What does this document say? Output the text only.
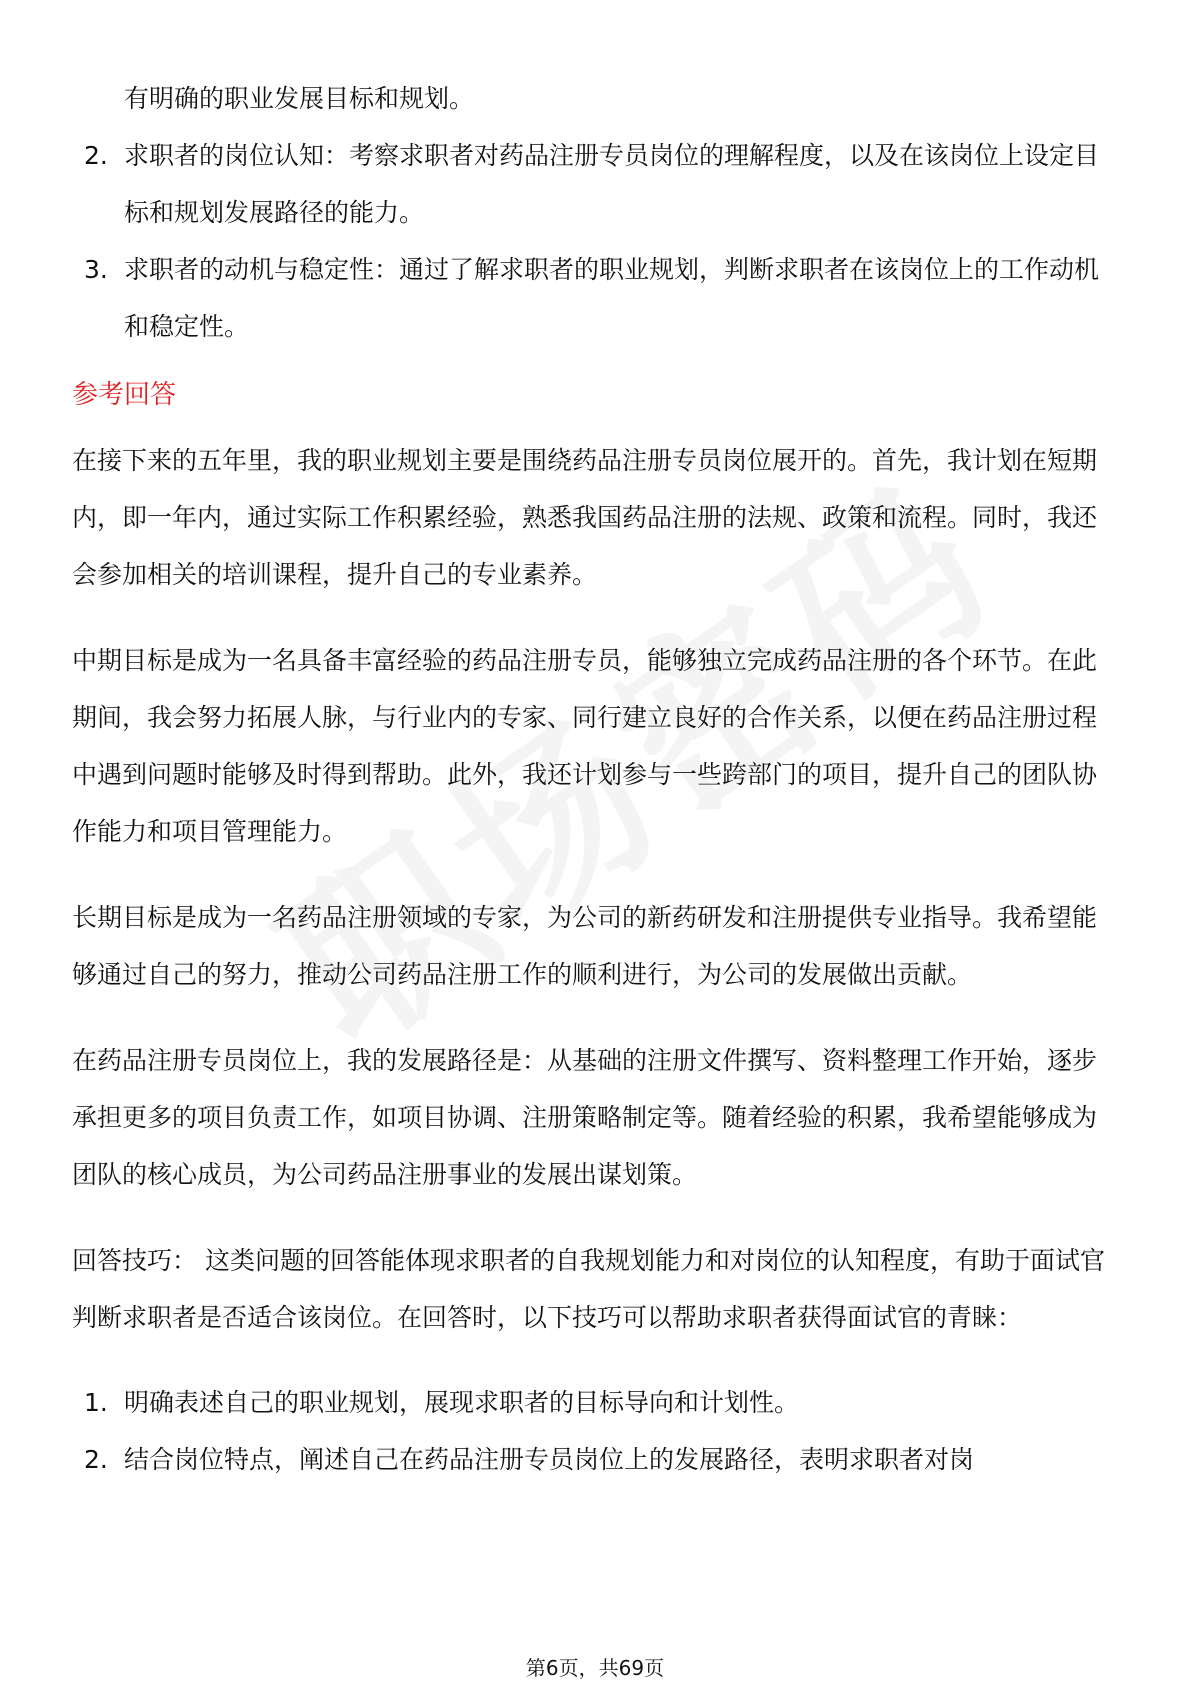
有明确的职业发展目标和规划。
2. 求职者的岗位认知：考察求职者对药品注册专员岗位的理解程度，以及在该岗位上设定目标和规划发展路径的能力。
3. 求职者的动机与稳定性：通过了解求职者的职业规划，判断求职者在该岗位上的工作动机和稳定性。
参考回答
在接下来的五年里，我的职业规划主要是围绕药品注册专员岗位展开的。首先，我计划在短期内，即一年内，通过实际工作积累经验，熟悉我国药品注册的法规、政策和流程。同时，我还会参加相关的培训课程，提升自己的专业素养。
中期目标是成为一名具备丰富经验的药品注册专员，能够独立完成药品注册的各个环节。在此期间，我会努力拓展人脉，与行业内的专家、同行建立良好的合作关系，以便在药品注册过程中遇到问题时能够及时得到帮助。此外，我还计划参与一些跨部门的项目，提升自己的团队协作能力和项目管理能力。
长期目标是成为一名药品注册领域的专家，为公司的新药研发和注册提供专业指导。我希望能够通过自己的努力，推动公司药品注册工作的顺利进行，为公司的发展做出贡献。
在药品注册专员岗位上，我的发展路径是：从基础的注册文件撰写、资料整理工作开始，逐步承担更多的项目负责工作，如项目协调、注册策略制定等。随着经验的积累，我希望能够成为团队的核心成员，为公司药品注册事业的发展出谋划策。
回答技巧： 这类问题的回答能体现求职者的自我规划能力和对岗位的认知程度，有助于面试官判断求职者是否适合该岗位。在回答时，以下技巧可以帮助求职者获得面试官的青睐：
1. 明确表述自己的职业规划，展现求职者的目标导向和计划性。
2. 结合岗位特点，阐述自己在药品注册专员岗位上的发展路径，表明求职者对岗
第6页，共69页
